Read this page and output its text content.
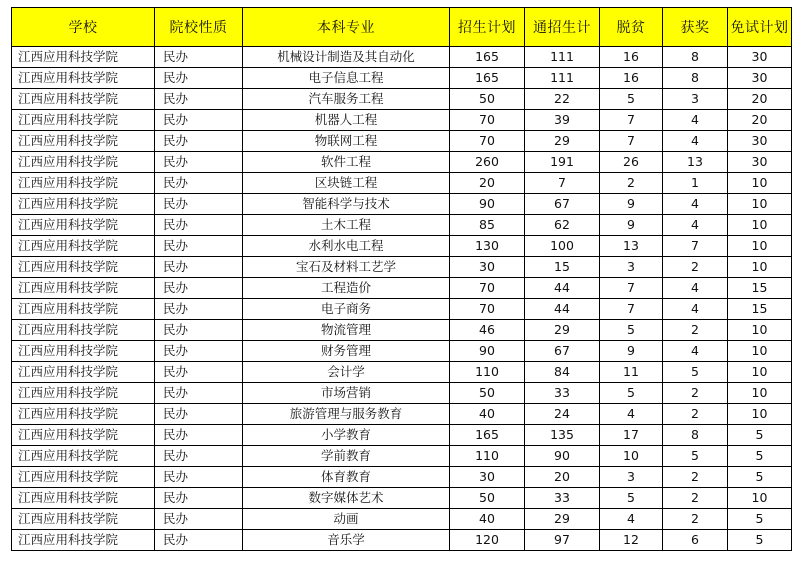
学校	院校性质	本科专业	招生计划	通招生计	脱贫	获奖	免试计划
江西应用科技学院	民办	机械设计制造及其自动化	165	111	16	8	30
江西应用科技学院	民办	电子信息工程	165	111	16	8	30
江西应用科技学院	民办	汽车服务工程	50	22	5	3	20
江西应用科技学院	民办	机器人工程	70	39	7	4	20
江西应用科技学院	民办	物联网工程	70	29	7	4	30
江西应用科技学院	民办	软件工程	260	191	26	13	30
江西应用科技学院	民办	区块链工程	20	7	2	1	10
江西应用科技学院	民办	智能科学与技术	90	67	9	4	10
江西应用科技学院	民办	土木工程	85	62	9	4	10
江西应用科技学院	民办	水利水电工程	130	100	13	7	10
江西应用科技学院	民办	宝石及材料工艺学	30	15	3	2	10
江西应用科技学院	民办	工程造价	70	44	7	4	15
江西应用科技学院	民办	电子商务	70	44	7	4	15
江西应用科技学院	民办	物流管理	46	29	5	2	10
江西应用科技学院	民办	财务管理	90	67	9	4	10
江西应用科技学院	民办	会计学	110	84	11	5	10
江西应用科技学院	民办	市场营销	50	33	5	2	10
江西应用科技学院	民办	旅游管理与服务教育	40	24	4	2	10
江西应用科技学院	民办	小学教育	165	135	17	8	5
江西应用科技学院	民办	学前教育	110	90	10	5	5
江西应用科技学院	民办	体育教育	30	20	3	2	5
江西应用科技学院	民办	数字媒体艺术	50	33	5	2	10
江西应用科技学院	民办	动画	40	29	4	2	5
江西应用科技学院	民办	音乐学	120	97	12	6	5
